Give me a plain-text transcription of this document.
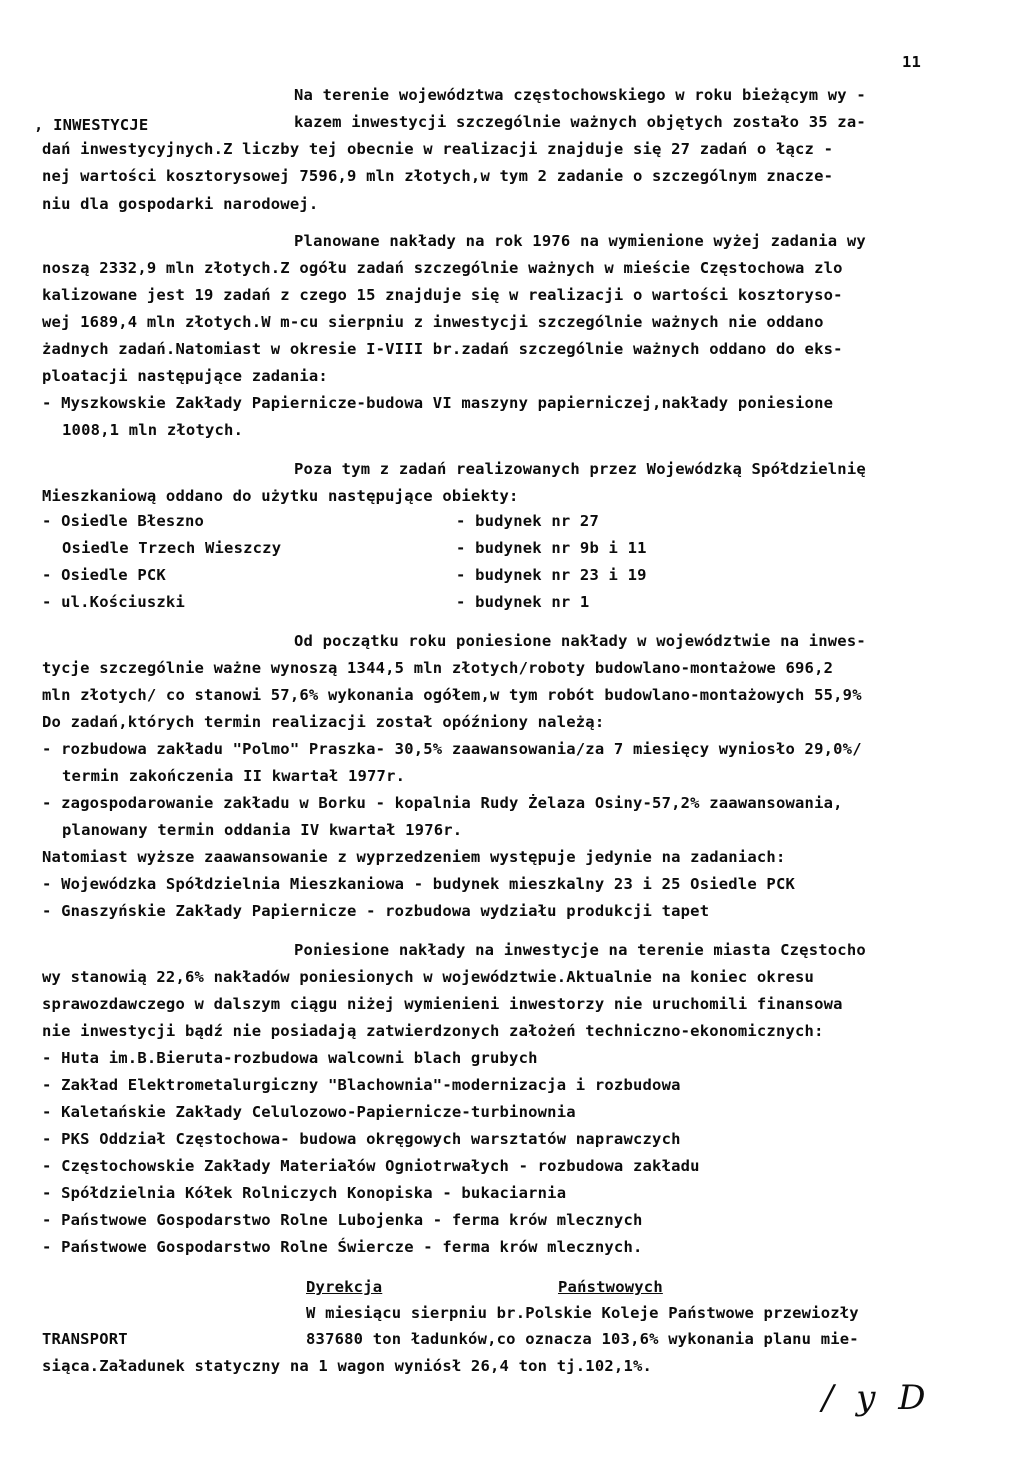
11
, INWESTYCJE
Na terenie województwa częstochowskiego w roku bieżącym wy -
kazem inwestycji szczególnie ważnych objętych zostało 35 za-
dań inwestycyjnych.Z liczby tej obecnie w realizacji znajduje się 27 zadań o łącz -
nej wartości kosztorysowej 7596,9 mln złotych,w tym 2 zadanie o szczególnym znacze-
niu dla gospodarki narodowej.
Planowane nakłady na rok 1976 na wymienione wyżej zadania wy
noszą 2332,9 mln złotych.Z ogółu zadań szczególnie ważnych w mieście Częstochowa zlo
kalizowane jest 19 zadań z czego 15 znajduje się w realizacji o wartości kosztoryso-
wej 1689,4 mln złotych.W m-cu sierpniu z inwestycji szczególnie ważnych nie oddano
żadnych zadań.Natomiast w okresie I-VIII br.zadań szczególnie ważnych oddano do eks-
ploatacji następujące zadania:
- Myszkowskie Zakłady Papiernicze-budowa VI maszyny papierniczej,nakłady poniesione
1008,1 mln złotych.
Poza tym z zadań realizowanych przez Wojewódzką Spółdzielnię
Mieszkaniową oddano do użytku następujące obiekty:
- Osiedle Błeszno
Osiedle Trzech Wieszczy
- Osiedle PCK
- ul.Kościuszki
- budynek nr 27
- budynek nr 9b i 11
- budynek nr 23 i 19
- budynek nr 1
Od początku roku poniesione nakłady w województwie na inwes-
tycje szczególnie ważne wynoszą 1344,5 mln złotych/roboty budowlano-montażowe 696,2
mln złotych/ co stanowi 57,6% wykonania ogółem,w tym robót budowlano-montażowych 55,9%
Do zadań,których termin realizacji został opóźniony należą:
- rozbudowa zakładu "Polmo" Praszka- 30,5% zaawansowania/za 7 miesięcy wyniosło 29,0%/
termin zakończenia II kwartał 1977r.
- zagospodarowanie zakładu w Borku - kopalnia Rudy Żelaza Osiny-57,2% zaawansowania,
planowany termin oddania IV kwartał 1976r.
Natomiast wyższe zaawansowanie z wyprzedzeniem występuje jedynie na zadaniach:
- Wojewódzka Spółdzielnia Mieszkaniowa - budynek mieszkalny 23 i 25 Osiedle PCK
- Gnaszyńskie Zakłady Papiernicze - rozbudowa wydziału produkcji tapet
Poniesione nakłady na inwestycje na terenie miasta Częstocho
wy stanowią 22,6% nakładów poniesionych w województwie.Aktualnie na koniec okresu
sprawozdawczego w dalszym ciągu niżej wymienieni inwestorzy nie uruchomili finansowa
nie inwestycji bądź nie posiadają zatwierdzonych założeń techniczno-ekonomicznych:
- Huta im.B.Bieruta-rozbudowa walcowni blach grubych
- Zakład Elektrometalurgiczny "Blachownia"-modernizacja i rozbudowa
- Kaletańskie Zakłady Celulozowo-Papiernicze-turbinownia
- PKS Oddział Częstochowa- budowa okręgowych warsztatów naprawczych
- Częstochowskie Zakłady Materiałów Ogniotrwałych - rozbudowa zakładu
- Spółdzielnia Kółek Rolniczych Konopiska - bukaciarnia
- Państwowe Gospodarstwo Rolne Lubojenka - ferma krów mlecznych
- Państwowe Gospodarstwo Rolne Świercze - ferma krów mlecznych.
Dyrekcja	Państwowych
W miesiącu sierpniu br.Polskie Koleje Państwowe przewiozły
TRANSPORT	837680 ton ładunków,co oznacza 103,6% wykonania planu mie-
siąca.Załadunek statyczny na 1 wagon wyniósł 26,4 ton tj.102,1%.
/ y D
